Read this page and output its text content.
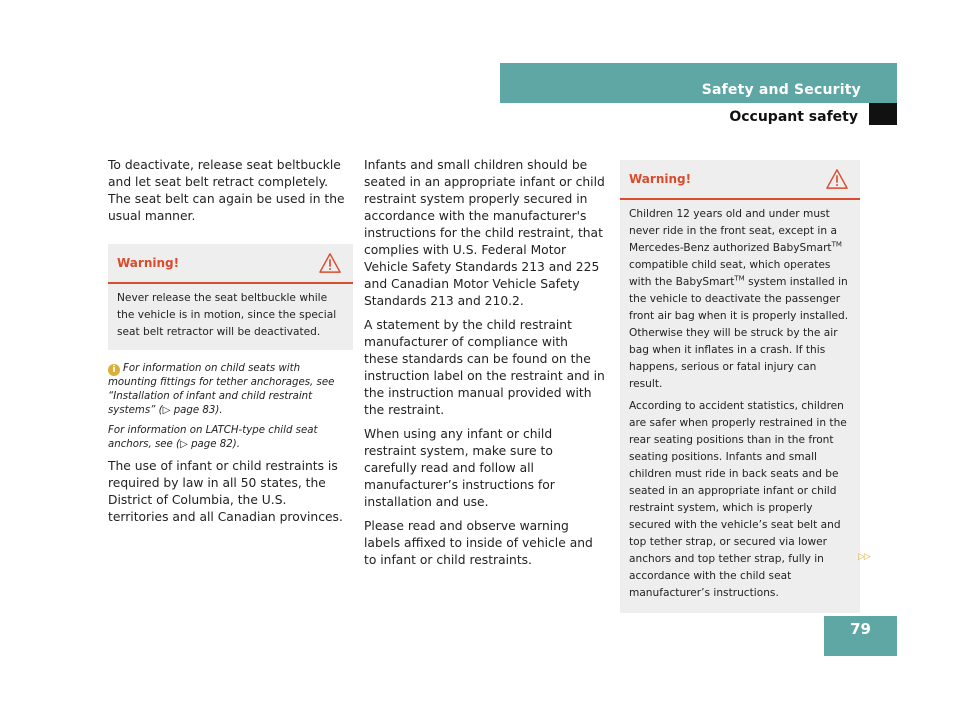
Safety and Security
Occupant safety

To deactivate, release seat beltbuckle and let seat belt retract completely. The seat belt can again be used in the usual manner.

Warning!

Never release the seat beltbuckle while the vehicle is in motion, since the special seat belt retractor will be deactivated.

i For information on child seats with mounting fittings for tether anchorages, see “Installation of infant and child restraint systems” (▷ page 83).

For information on LATCH-type child seat anchors, see (▷ page 82).

The use of infant or child restraints is required by law in all 50 states, the District of Columbia, the U.S. territories and all Canadian provinces.

Infants and small children should be seated in an appropriate infant or child restraint system properly secured in accordance with the manufacturer's instructions for the child restraint, that complies with U.S. Federal Motor Vehicle Safety Standards 213 and 225 and Canadian Motor Vehicle Safety Standards 213 and 210.2.

A statement by the child restraint manufacturer of compliance with these standards can be found on the instruction label on the restraint and in the instruction manual provided with the restraint.

When using any infant or child restraint system, make sure to carefully read and follow all manufacturer’s instructions for installation and use.

Please read and observe warning labels affixed to inside of vehicle and to infant or child restraints.

Warning!

Children 12 years old and under must never ride in the front seat, except in a Mercedes-Benz authorized BabySmart™ compatible child seat, which operates with the BabySmart™ system installed in the vehicle to deactivate the passenger front air bag when it is properly installed. Otherwise they will be struck by the air bag when it inflates in a crash. If this happens, serious or fatal injury can result.

According to accident statistics, children are safer when properly restrained in the rear seating positions than in the front seating positions. Infants and small children must ride in back seats and be seated in an appropriate infant or child restraint system, which is properly secured with the vehicle’s seat belt and top tether strap, or secured via lower anchors and top tether strap, fully in accordance with the child seat manufacturer’s instructions.

▷▷
79
